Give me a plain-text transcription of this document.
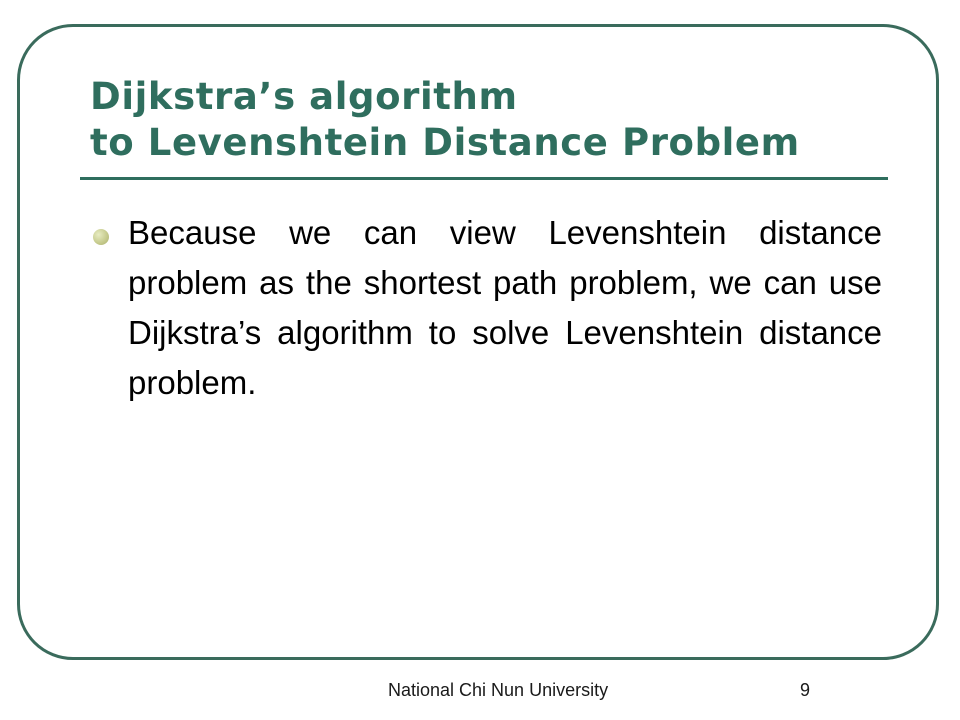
Dijkstra’s algorithm
to Levenshtein Distance Problem
Because we can view Levenshtein distance problem as the shortest path problem, we can use Dijkstra’s algorithm to solve Levenshtein distance problem.
National Chi Nun University	9
